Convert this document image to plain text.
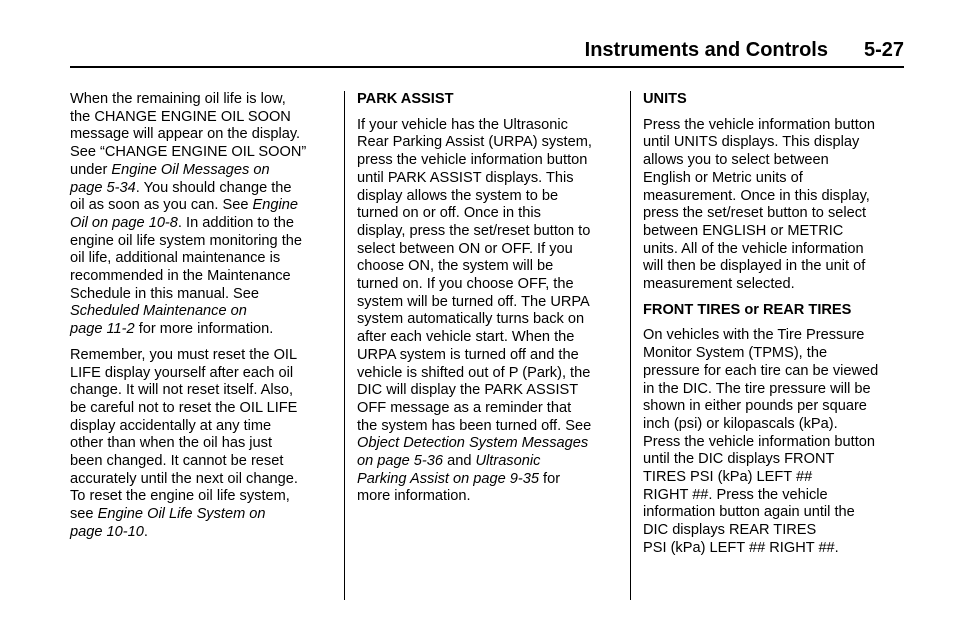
Instruments and Controls 5-27

When the remaining oil life is low,
the CHANGE ENGINE OIL SOON
message will appear on the display.
See “CHANGE ENGINE OIL SOON”
under Engine Oil Messages on
page 5-34. You should change the
oil as soon as you can. See Engine
Oil on page 10-8. In addition to the
engine oil life system monitoring the
oil life, additional maintenance is
recommended in the Maintenance
Schedule in this manual. See
Scheduled Maintenance on
page 11-2 for more information.

Remember, you must reset the OIL
LIFE display yourself after each oil
change. It will not reset itself. Also,
be careful not to reset the OIL LIFE
display accidentally at any time
other than when the oil has just
been changed. It cannot be reset
accurately until the next oil change.
To reset the engine oil life system,
see Engine Oil Life System on
page 10-10.

PARK ASSIST

If your vehicle has the Ultrasonic
Rear Parking Assist (URPA) system,
press the vehicle information button
until PARK ASSIST displays. This
display allows the system to be
turned on or off. Once in this
display, press the set/reset button to
select between ON or OFF. If you
choose ON, the system will be
turned on. If you choose OFF, the
system will be turned off. The URPA
system automatically turns back on
after each vehicle start. When the
URPA system is turned off and the
vehicle is shifted out of P (Park), the
DIC will display the PARK ASSIST
OFF message as a reminder that
the system has been turned off. See
Object Detection System Messages
on page 5-36 and Ultrasonic
Parking Assist on page 9-35 for
more information.

UNITS

Press the vehicle information button
until UNITS displays. This display
allows you to select between
English or Metric units of
measurement. Once in this display,
press the set/reset button to select
between ENGLISH or METRIC
units. All of the vehicle information
will then be displayed in the unit of
measurement selected.

FRONT TIRES or REAR TIRES

On vehicles with the Tire Pressure
Monitor System (TPMS), the
pressure for each tire can be viewed
in the DIC. The tire pressure will be
shown in either pounds per square
inch (psi) or kilopascals (kPa).
Press the vehicle information button
until the DIC displays FRONT
TIRES PSI (kPa) LEFT ##
RIGHT ##. Press the vehicle
information button again until the
DIC displays REAR TIRES
PSI (kPa) LEFT ## RIGHT ##.
